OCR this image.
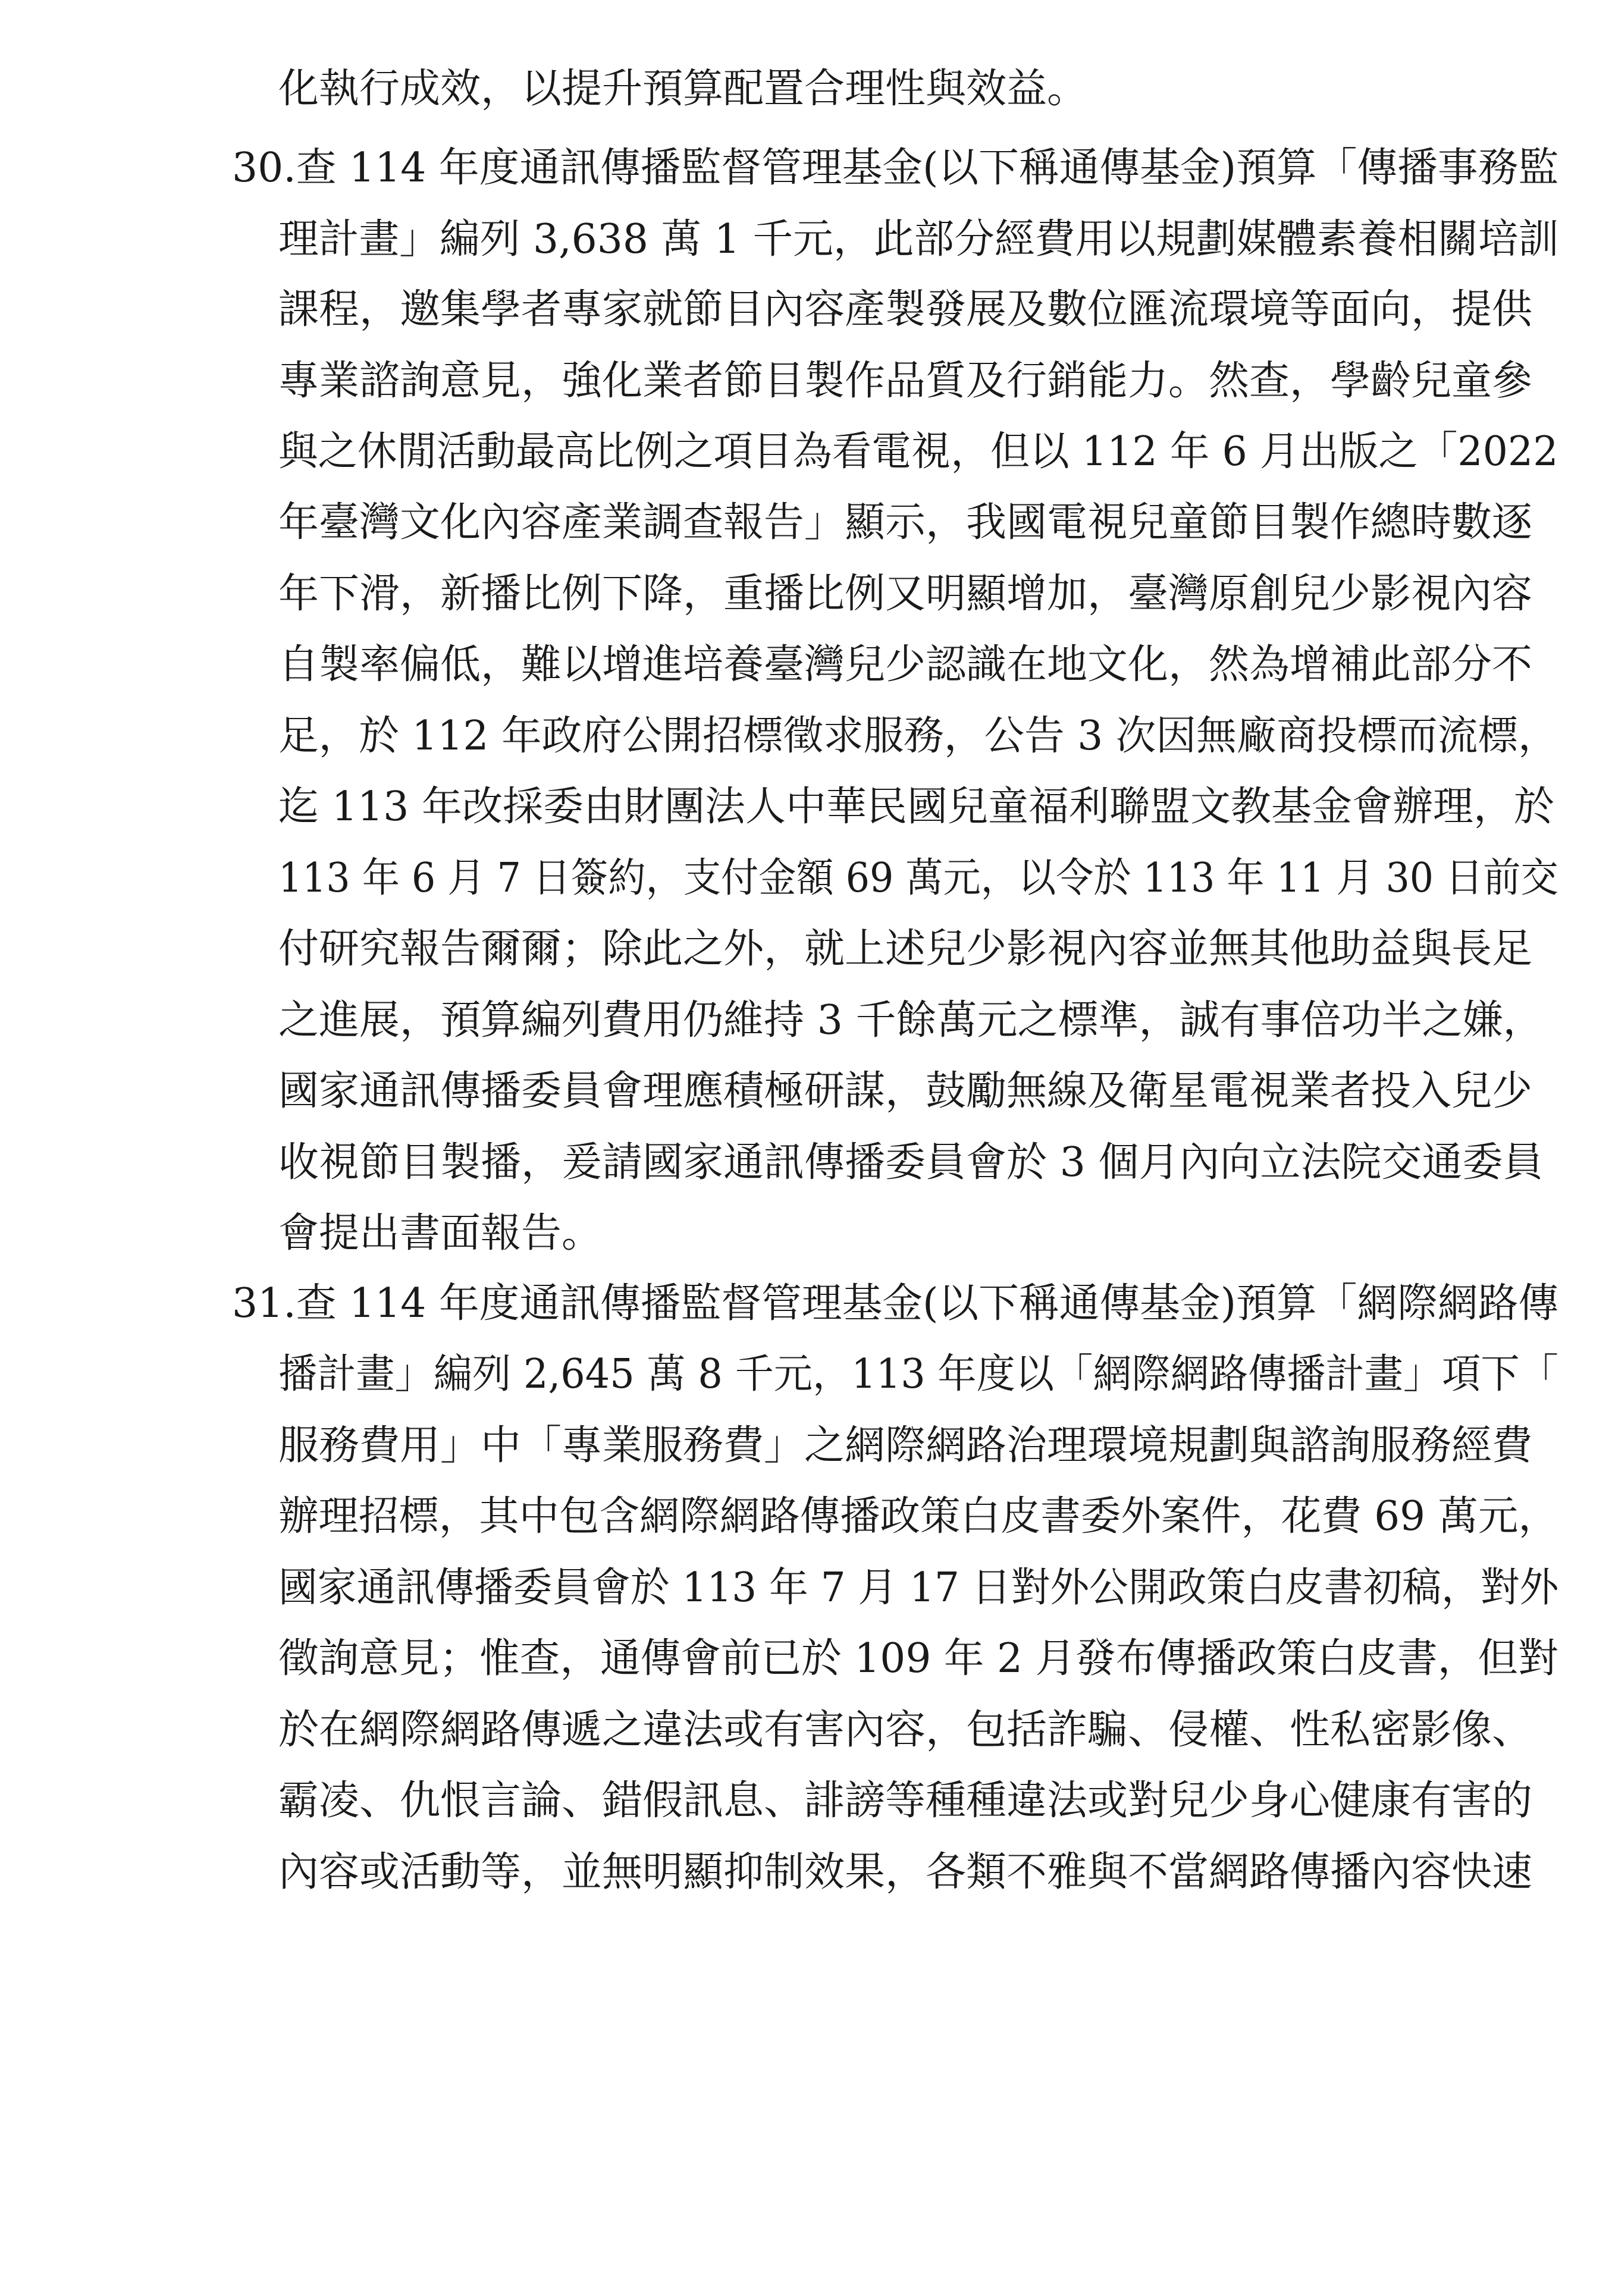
化執行成效，以提升預算配置合理性與效益。
30.查 114 年度通訊傳播監督管理基金(以下稱通傳基金)預算「傳播事務監
理計畫」編列 3,638 萬 1 千元，此部分經費用以規劃媒體素養相關培訓
課程，邀集學者專家就節目內容產製發展及數位匯流環境等面向，提供
專業諮詢意見，強化業者節目製作品質及行銷能力。然查，學齡兒童參
與之休閒活動最高比例之項目為看電視，但以 112 年 6 月出版之「2022
年臺灣文化內容產業調查報告」顯示，我國電視兒童節目製作總時數逐
年下滑，新播比例下降，重播比例又明顯增加，臺灣原創兒少影視內容
自製率偏低，難以增進培養臺灣兒少認識在地文化，然為增補此部分不
足，於 112 年政府公開招標徵求服務，公告 3 次因無廠商投標而流標，
迄 113 年改採委由財團法人中華民國兒童福利聯盟文教基金會辦理，於
113 年 6 月 7 日簽約，支付金額 69 萬元，以令於 113 年 11 月 30 日前交
付研究報告爾爾；除此之外，就上述兒少影視內容並無其他助益與長足
之進展，預算編列費用仍維持 3 千餘萬元之標準，誠有事倍功半之嫌，
國家通訊傳播委員會理應積極研謀，鼓勵無線及衛星電視業者投入兒少
收視節目製播，爰請國家通訊傳播委員會於 3 個月內向立法院交通委員
會提出書面報告。
31.查 114 年度通訊傳播監督管理基金(以下稱通傳基金)預算「網際網路傳
播計畫」編列 2,645 萬 8 千元，113 年度以「網際網路傳播計畫」項下「
服務費用」中「專業服務費」之網際網路治理環境規劃與諮詢服務經費
辦理招標，其中包含網際網路傳播政策白皮書委外案件，花費 69 萬元，
國家通訊傳播委員會於 113 年 7 月 17 日對外公開政策白皮書初稿，對外
徵詢意見；惟查，通傳會前已於 109 年 2 月發布傳播政策白皮書，但對
於在網際網路傳遞之違法或有害內容，包括詐騙、侵權、性私密影像、
霸凌、仇恨言論、錯假訊息、誹謗等種種違法或對兒少身心健康有害的
內容或活動等，並無明顯抑制效果，各類不雅與不當網路傳播內容快速
